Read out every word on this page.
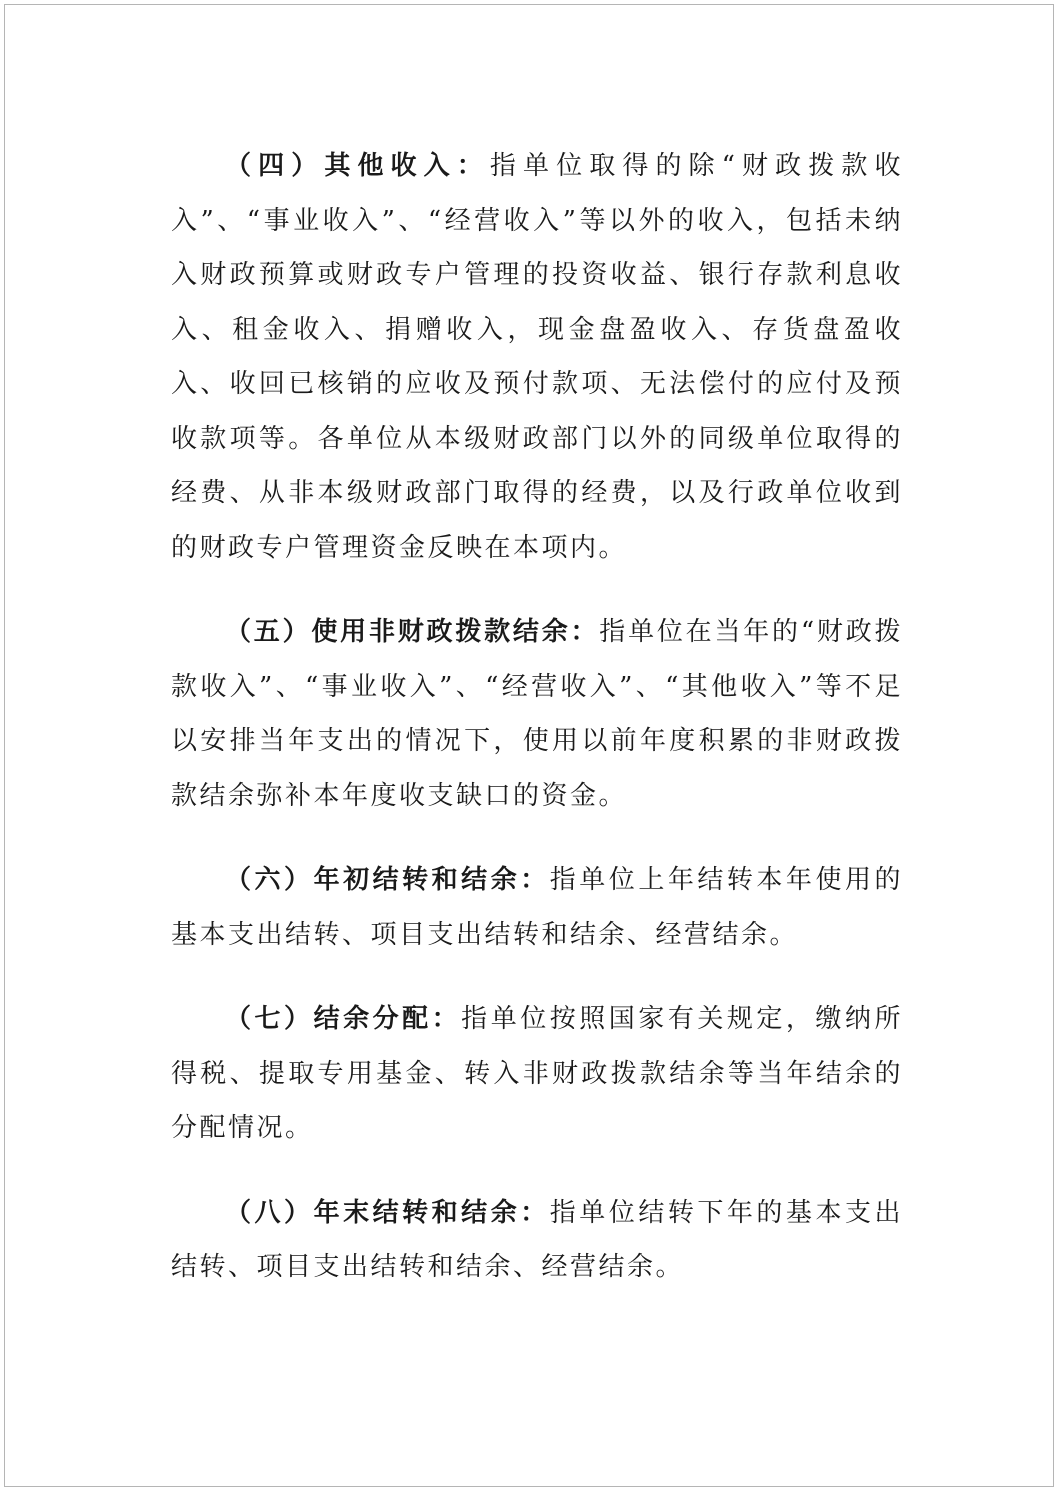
（四）其他收入：指单位取得的除“财政拨款收入”、“事业收入”、“经营收入”等以外的收入，包括未纳入财政预算或财政专户管理的投资收益、银行存款利息收入、租金收入、捐赠收入，现金盘盈收入、存货盘盈收入、收回已核销的应收及预付款项、无法偿付的应付及预收款项等。各单位从本级财政部门以外的同级单位取得的经费、从非本级财政部门取得的经费，以及行政单位收到的财政专户管理资金反映在本项内。

（五）使用非财政拨款结余：指单位在当年的“财政拨款收入”、“事业收入”、“经营收入”、“其他收入”等不足以安排当年支出的情况下，使用以前年度积累的非财政拨款结余弥补本年度收支缺口的资金。

（六）年初结转和结余：指单位上年结转本年使用的基本支出结转、项目支出结转和结余、经营结余。

（七）结余分配：指单位按照国家有关规定，缴纳所得税、提取专用基金、转入非财政拨款结余等当年结余的分配情况。

（八）年末结转和结余：指单位结转下年的基本支出结转、项目支出结转和结余、经营结余。
